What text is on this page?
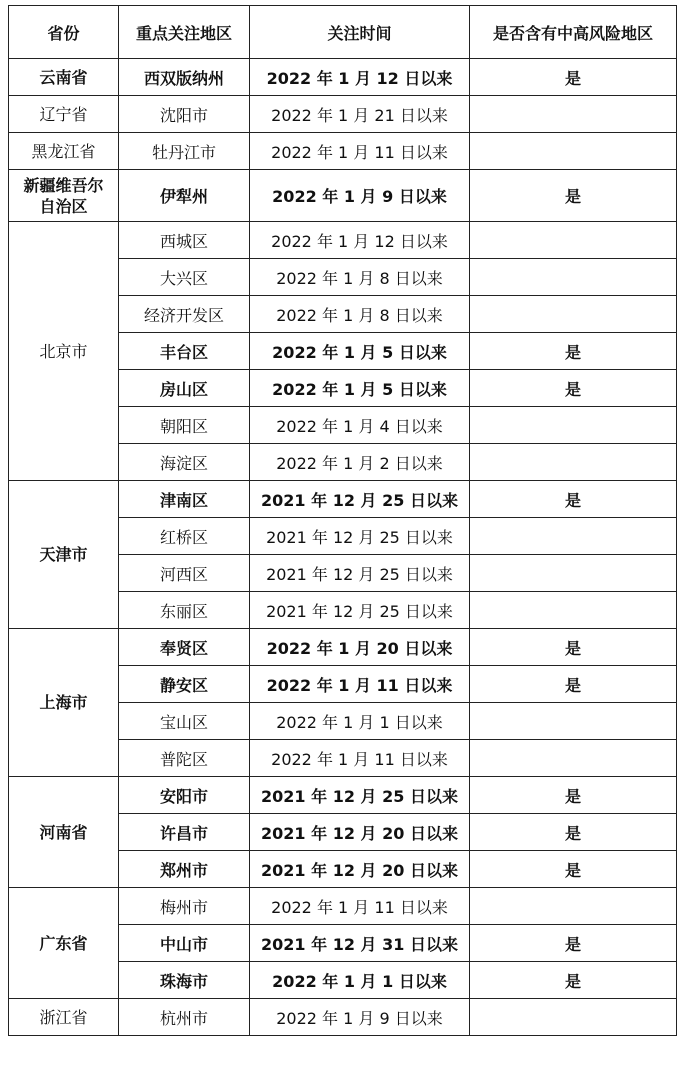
省份	重点关注地区	关注时间	是否含有中高风险地区
云南省	西双版纳州	2022 年 1 月 12 日以来	是
辽宁省	沈阳市	2022 年 1 月 21 日以来	
黑龙江省	牡丹江市	2022 年 1 月 11 日以来	
新疆维吾尔自治区	伊犁州	2022 年 1 月 9 日以来	是
北京市	西城区	2022 年 1 月 12 日以来	
	大兴区	2022 年 1 月 8 日以来	
	经济开发区	2022 年 1 月 8 日以来	
	丰台区	2022 年 1 月 5 日以来	是
	房山区	2022 年 1 月 5 日以来	是
	朝阳区	2022 年 1 月 4 日以来	
	海淀区	2022 年 1 月 2 日以来	
天津市	津南区	2021 年 12 月 25 日以来	是
	红桥区	2021 年 12 月 25 日以来	
	河西区	2021 年 12 月 25 日以来	
	东丽区	2021 年 12 月 25 日以来	
上海市	奉贤区	2022 年 1 月 20 日以来	是
	静安区	2022 年 1 月 11 日以来	是
	宝山区	2022 年 1 月 1 日以来	
	普陀区	2022 年 1 月 11 日以来	
河南省	安阳市	2021 年 12 月 25 日以来	是
	许昌市	2021 年 12 月 20 日以来	是
	郑州市	2021 年 12 月 20 日以来	是
广东省	梅州市	2022 年 1 月 11 日以来	
	中山市	2021 年 12 月 31 日以来	是
	珠海市	2022 年 1 月 1 日以来	是
浙江省	杭州市	2022 年 1 月 9 日以来	
